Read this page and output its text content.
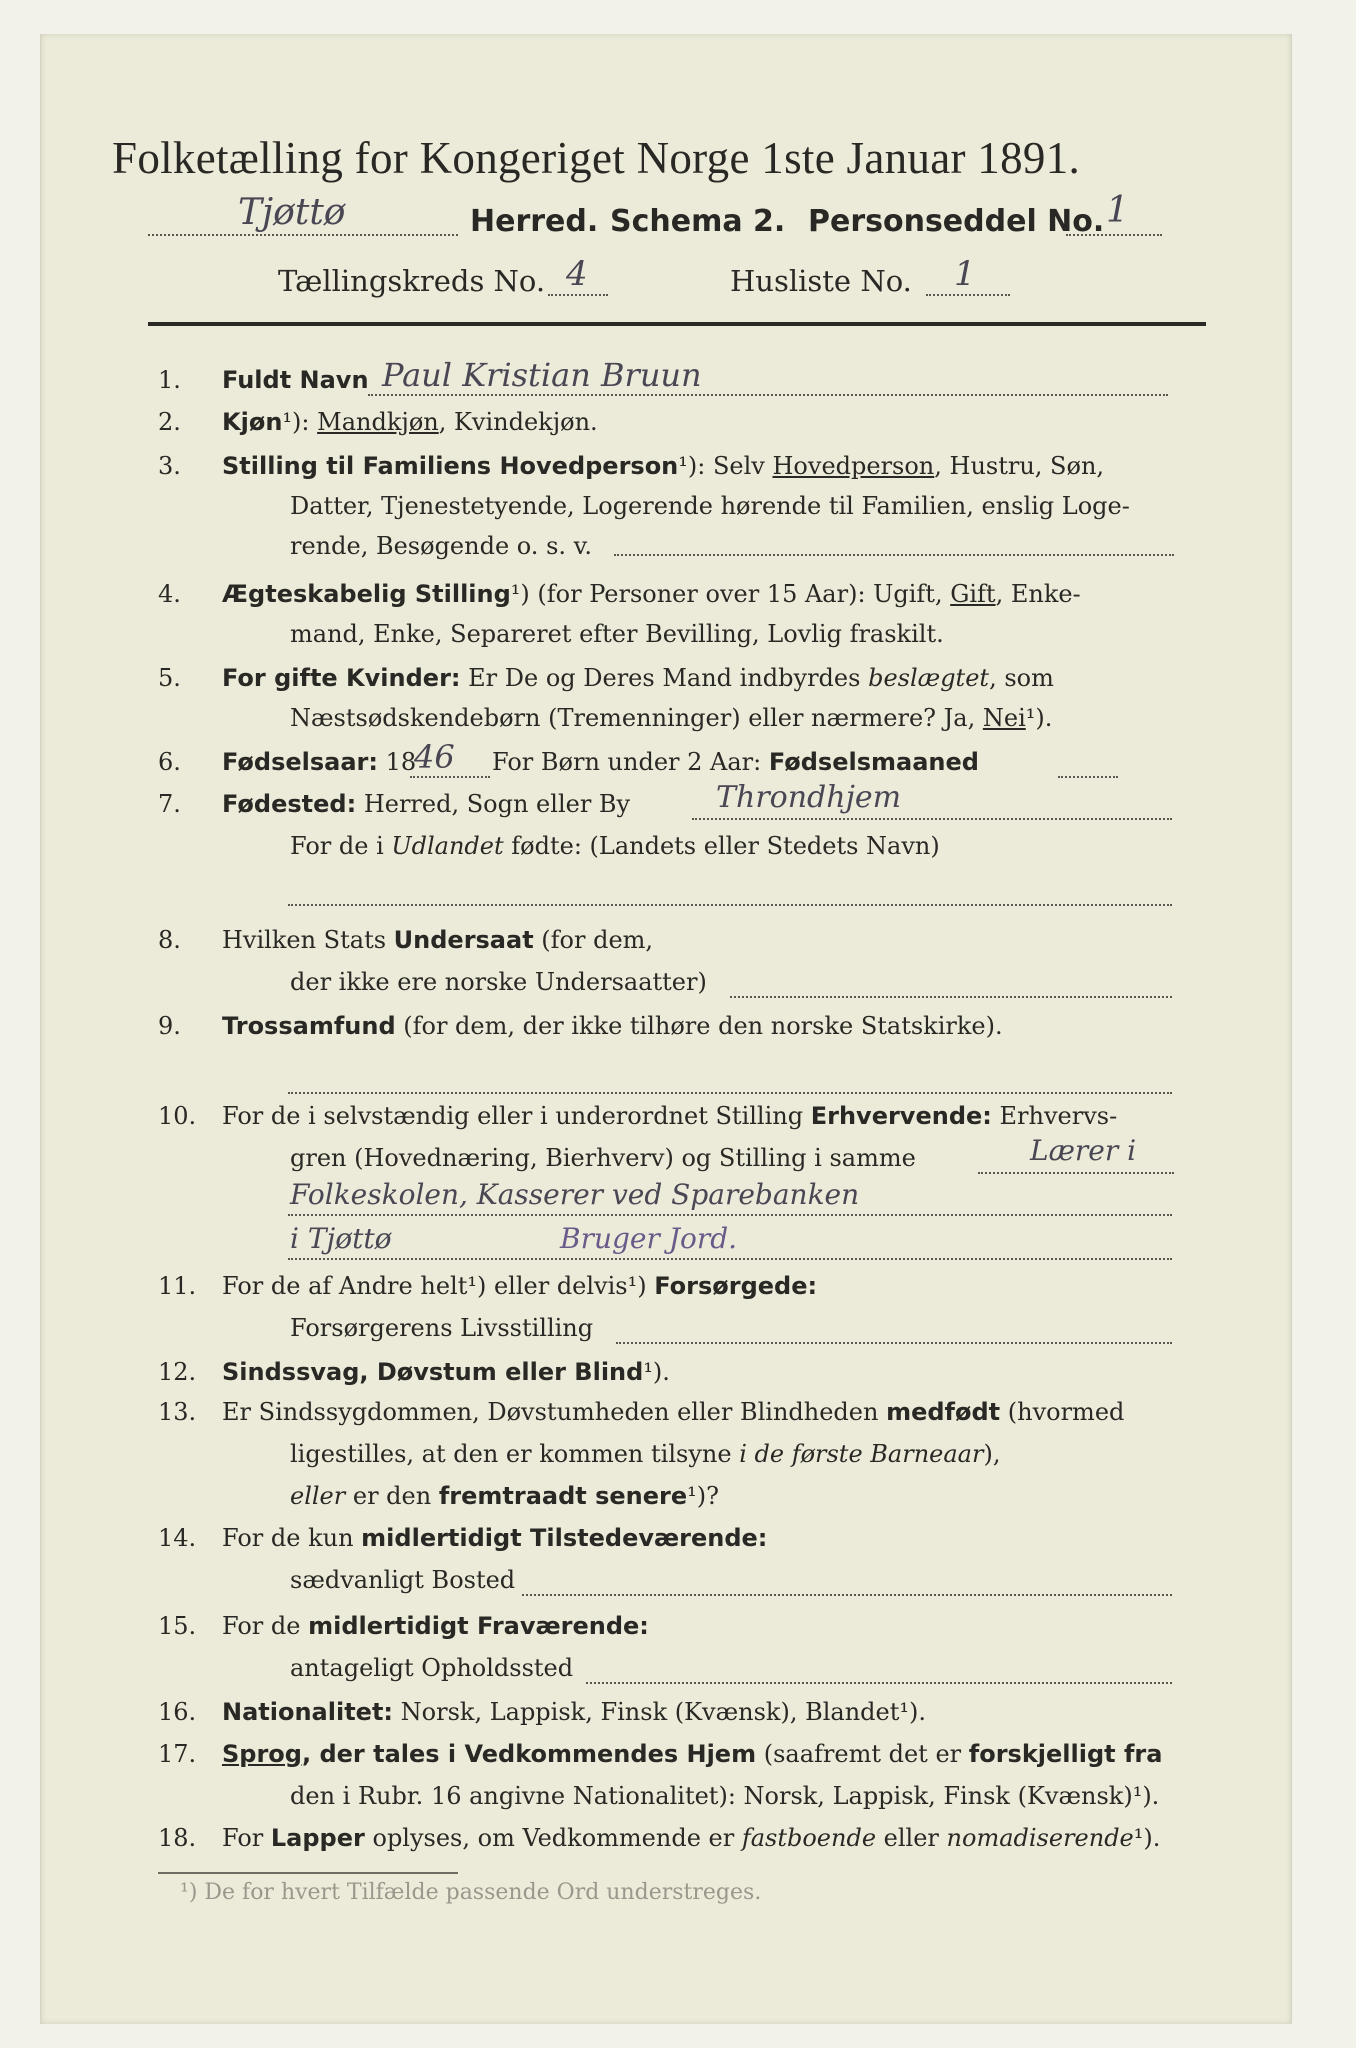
Folketælling for Kongeriget Norge 1ste Januar 1891.
Tjøttø	Herred. Schema 2. Personseddel No. 1
Tællingskreds No. 4	Husliste No. 1
1.	Fuldt Navn Paul Kristian Bruun
2.	Kjøn¹): Mandkjøn, Kvindekjøn.
3.	Stilling til Familiens Hovedperson¹): Selv Hovedperson, Hustru, Søn,
Datter, Tjenestetyende, Logerende hørende til Familien, enslig Loge-
rende, Besøgende o. s. v.
4.	Ægteskabelig Stilling¹) (for Personer over 15 Aar): Ugift, Gift, Enke-
mand, Enke, Separeret efter Bevilling, Lovlig fraskilt.
5.	For gifte Kvinder: Er De og Deres Mand indbyrdes beslægtet, som
Næstsødskendebørn (Tremenninger) eller nærmere? Ja, Nei¹).
6.	Fødselsaar: 18
46 For Børn under 2 Aar: Fødselsmaaned
7.	Fødested: Herred, Sogn eller By	Throndhjem
For de i Udlandet fødte: (Landets eller Stedets Navn)
8.	Hvilken Stats Undersaat (for dem,
der ikke ere norske Undersaatter)
9.	Trossamfund (for dem, der ikke tilhøre den norske Statskirke).
10.	For de i selvstændig eller i underordnet Stilling Erhvervende: Erhvervs-
gren (Hovednæring, Bierhverv) og Stilling i samme	Lærer i
Folkeskolen, Kasserer ved Sparebanken
i Tjøttø	Bruger Jord.
11.	For de af Andre helt¹) eller delvis¹) Forsørgede:
Forsørgerens Livsstilling
12.	Sindssvag, Døvstum eller Blind¹).
13.	Er Sindssygdommen, Døvstumheden eller Blindheden medfødt (hvormed
ligestilles, at den er kommen tilsyne i de første Barneaar),
eller er den fremtraadt senere¹)?
14.	For de kun midlertidigt Tilstedeværende:
sædvanligt Bosted
15.	For de midlertidigt Fraværende:
antageligt Opholdssted
16.	Nationalitet: Norsk, Lappisk, Finsk (Kvænsk), Blandet¹).
17.	Sprog, der tales i Vedkommendes Hjem (saafremt det er forskjelligt fra
den i Rubr. 16 angivne Nationalitet): Norsk, Lappisk, Finsk (Kvænsk)¹).
18.	For Lapper oplyses, om Vedkommende er fastboende eller nomadiserende¹).
¹) De for hvert Tilfælde passende Ord understreges.
